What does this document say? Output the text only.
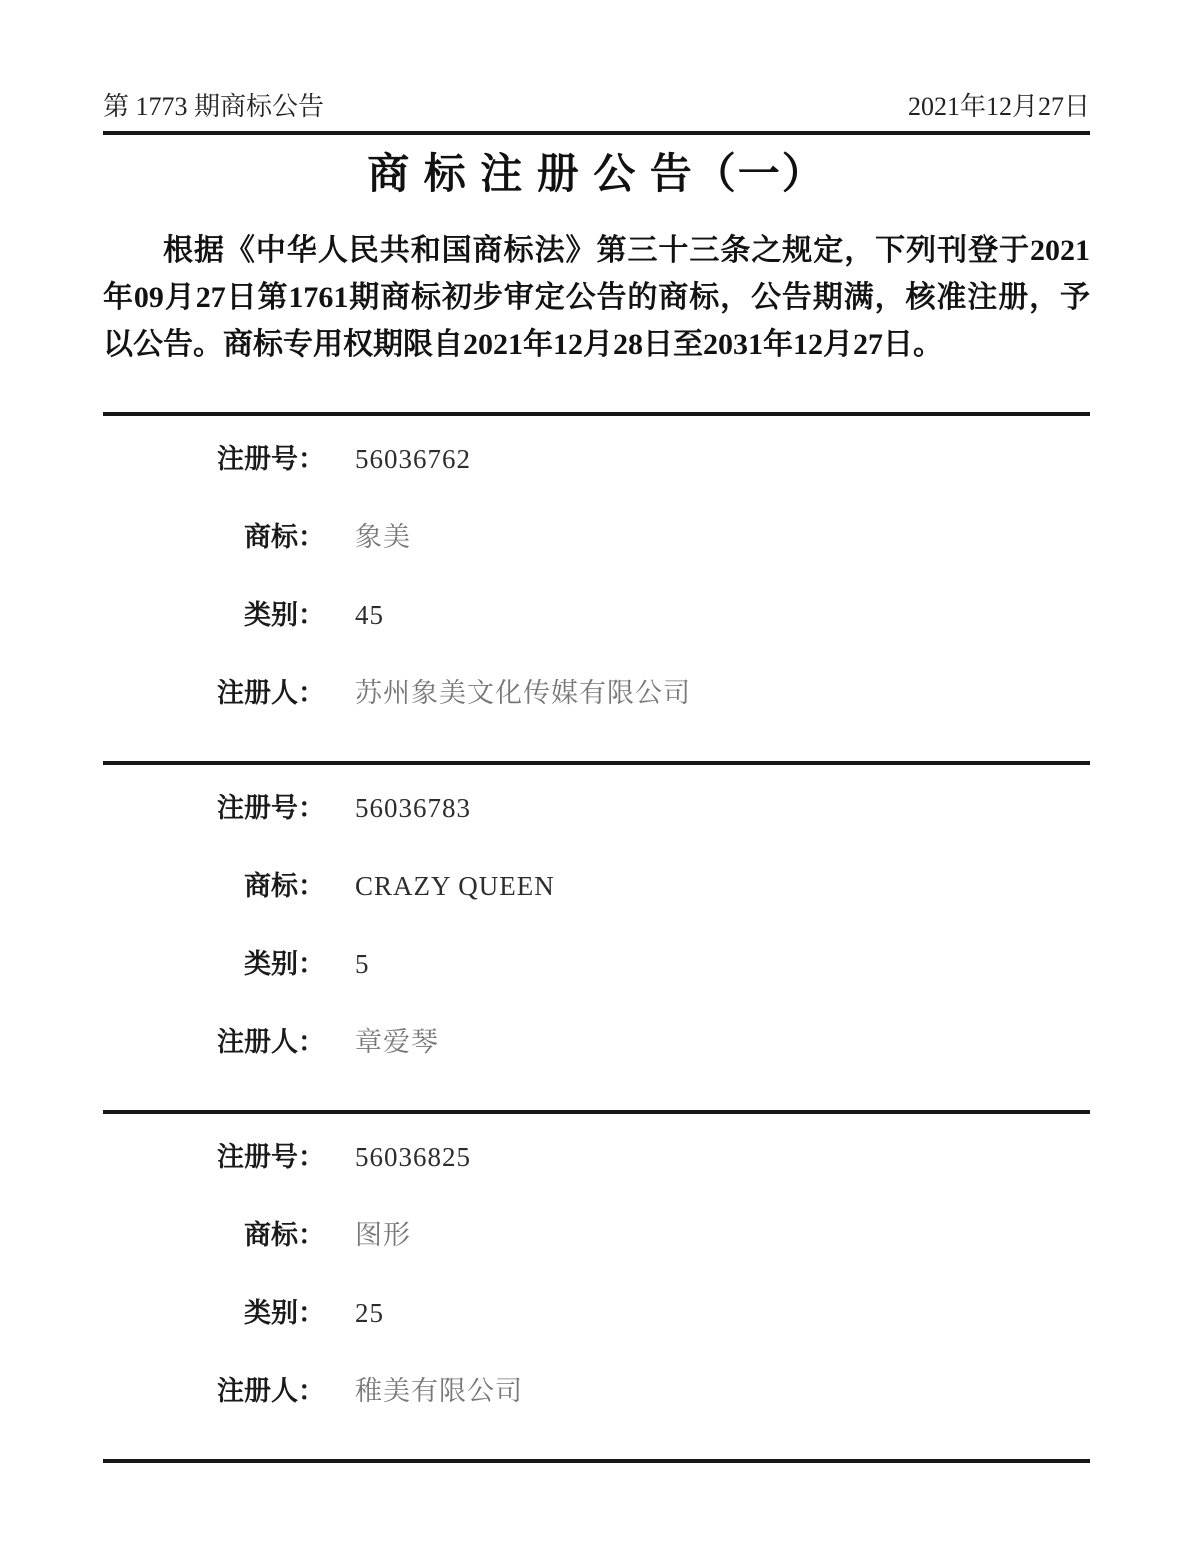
第 1773 期商标公告	2021年12月27日
商 标 注 册 公 告（一）

根据《中华人民共和国商标法》第三十三条之规定，下列刊登于2021年09月27日第1761期商标初步审定公告的商标，公告期满，核准注册，予以公告。商标专用权期限自2021年12月28日至2031年12月27日。

注册号： 56036762
商标： 象美
类别： 45
注册人： 苏州象美文化传媒有限公司
注册号： 56036783
商标： CRAZY QUEEN
类别： 5
注册人： 章爱琴
注册号： 56036825
商标： 图形
类别： 25
注册人： 稚美有限公司
